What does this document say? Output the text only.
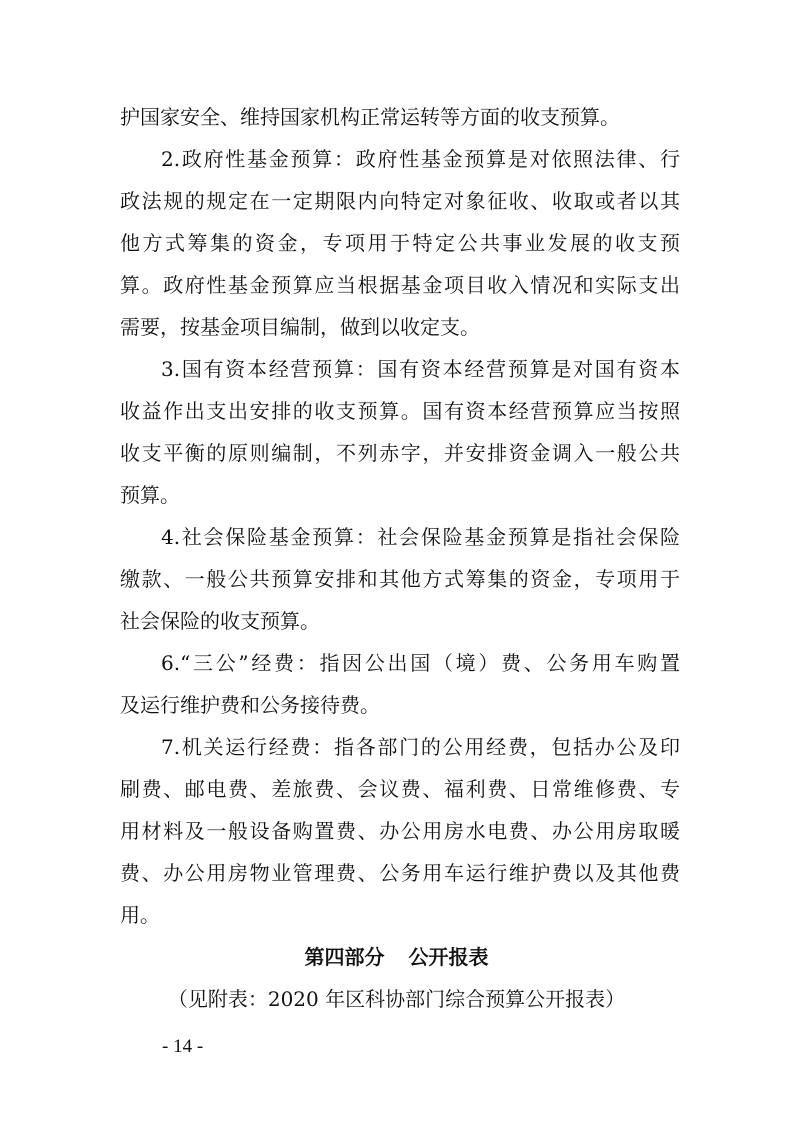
护国家安全、维持国家机构正常运转等方面的收支预算。
2.政府性基金预算：政府性基金预算是对依照法律、行
政法规的规定在一定期限内向特定对象征收、收取或者以其
他方式筹集的资金，专项用于特定公共事业发展的收支预
算。政府性基金预算应当根据基金项目收入情况和实际支出
需要，按基金项目编制，做到以收定支。
3.国有资本经营预算：国有资本经营预算是对国有资本
收益作出支出安排的收支预算。国有资本经营预算应当按照
收支平衡的原则编制，不列赤字，并安排资金调入一般公共
预算。
4.社会保险基金预算：社会保险基金预算是指社会保险
缴款、一般公共预算安排和其他方式筹集的资金，专项用于
社会保险的收支预算。
6.“三公”经费：指因公出国（境）费、公务用车购置
及运行维护费和公务接待费。
7.机关运行经费：指各部门的公用经费，包括办公及印
刷费、邮电费、差旅费、会议费、福利费、日常维修费、专
用材料及一般设备购置费、办公用房水电费、办公用房取暖
费、办公用房物业管理费、公务用车运行维护费以及其他费
用。
第四部分 公开报表
（见附表：2020 年区科协部门综合预算公开报表）
- 14 -
